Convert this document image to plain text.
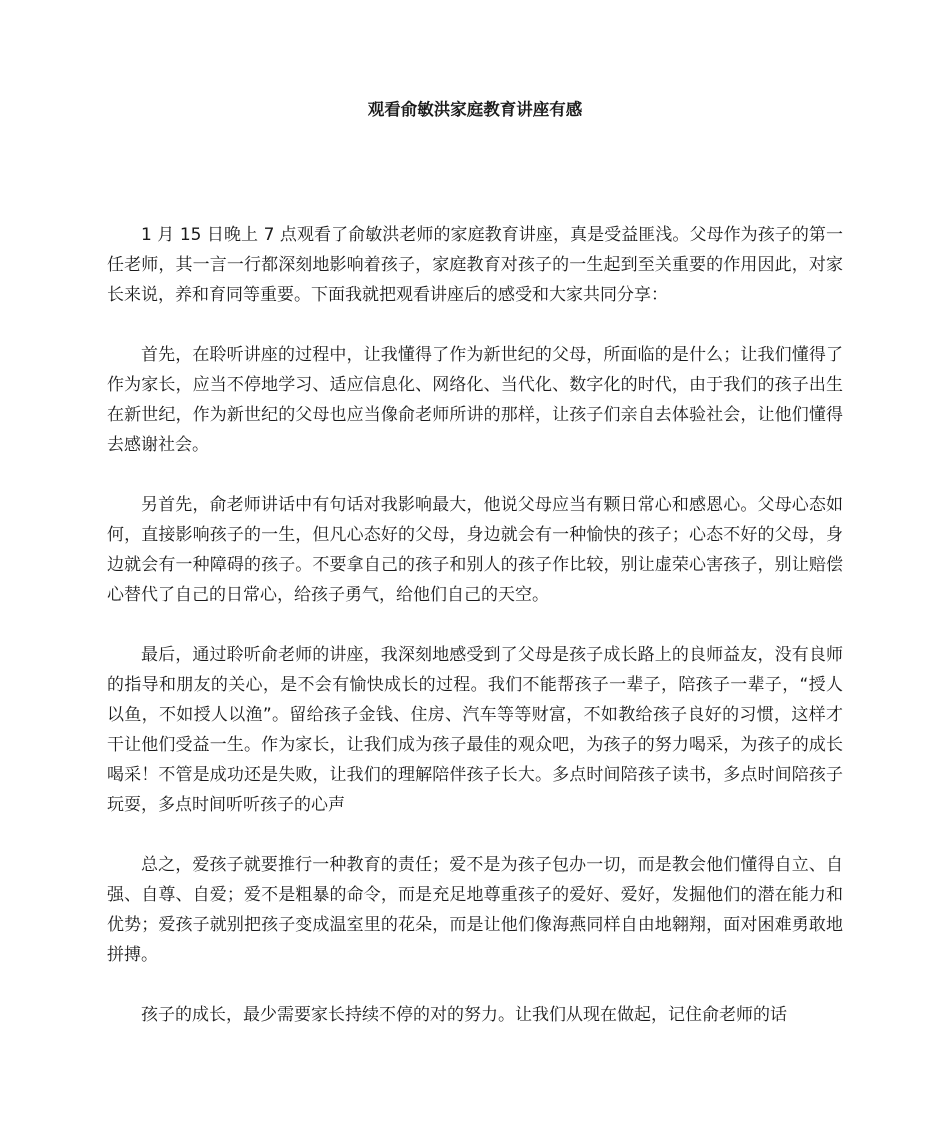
观看俞敏洪家庭教育讲座有感

1 月 15 日晚上 7 点观看了俞敏洪老师的家庭教育讲座，真是受益匪浅。父母作为孩子的第一任老师，其一言一行都深刻地影响着孩子，家庭教育对孩子的一生起到至关重要的作用因此，对家长来说，养和育同等重要。下面我就把观看讲座后的感受和大家共同分享：

首先，在聆听讲座的过程中，让我懂得了作为新世纪的父母，所面临的是什么；让我们懂得了作为家长，应当不停地学习、适应信息化、网络化、当代化、数字化的时代，由于我们的孩子出生在新世纪，作为新世纪的父母也应当像俞老师所讲的那样，让孩子们亲自去体验社会，让他们懂得去感谢社会。

另首先，俞老师讲话中有句话对我影响最大，他说父母应当有颗日常心和感恩心。父母心态如何，直接影响孩子的一生，但凡心态好的父母，身边就会有一种愉快的孩子；心态不好的父母，身边就会有一种障碍的孩子。不要拿自己的孩子和别人的孩子作比较，别让虚荣心害孩子，别让赔偿心替代了自己的日常心，给孩子勇气，给他们自己的天空。

最后，通过聆听俞老师的讲座，我深刻地感受到了父母是孩子成长路上的良师益友，没有良师的指导和朋友的关心，是不会有愉快成长的过程。我们不能帮孩子一辈子，陪孩子一辈子，“授人以鱼，不如授人以渔”。留给孩子金钱、住房、汽车等等财富，不如教给孩子良好的习惯，这样才干让他们受益一生。作为家长，让我们成为孩子最佳的观众吧，为孩子的努力喝采，为孩子的成长喝采！不管是成功还是失败，让我们的理解陪伴孩子长大。多点时间陪孩子读书，多点时间陪孩子玩耍，多点时间听听孩子的心声

总之，爱孩子就要推行一种教育的责任；爱不是为孩子包办一切，而是教会他们懂得自立、自强、自尊、自爱；爱不是粗暴的命令，而是充足地尊重孩子的爱好、爱好，发掘他们的潜在能力和优势；爱孩子就别把孩子变成温室里的花朵，而是让他们像海燕同样自由地翱翔，面对困难勇敢地拼搏。

孩子的成长，最少需要家长持续不停的对的努力。让我们从现在做起，记住俞老师的话
